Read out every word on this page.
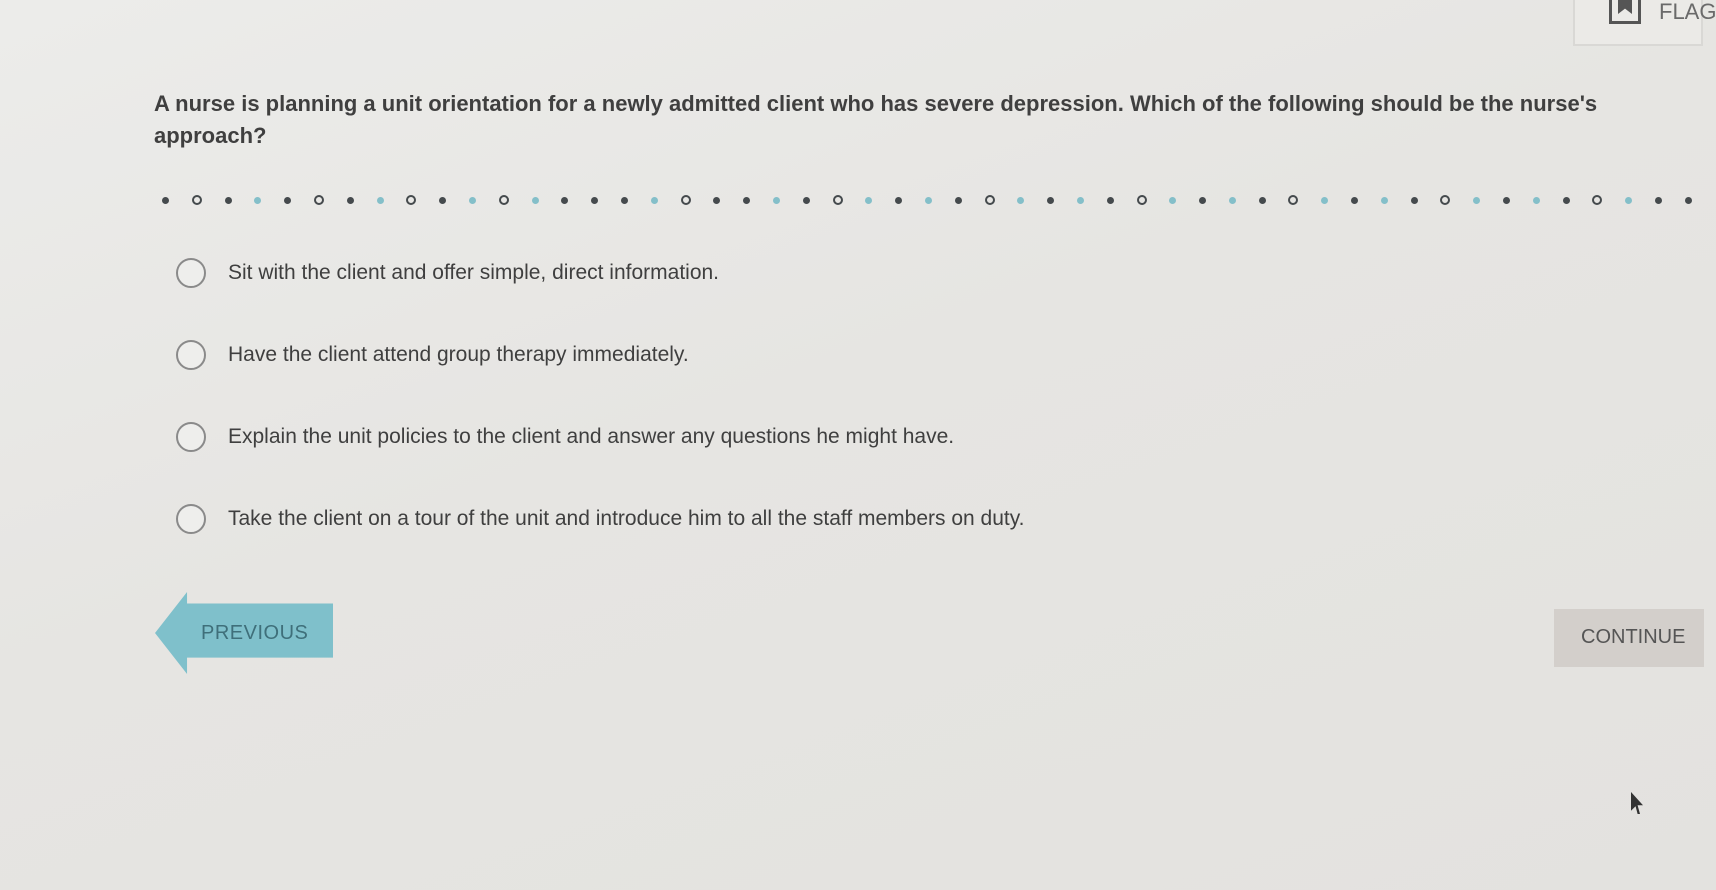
FLAG

A nurse is planning a unit orientation for a newly admitted client who has severe depression. Which of the following should be the nurse's approach?

Sit with the client and offer simple, direct information.
Have the client attend group therapy immediately.
Explain the unit policies to the client and answer any questions he might have.
Take the client on a tour of the unit and introduce him to all the staff members on duty.
PREVIOUS	CONTINUE
